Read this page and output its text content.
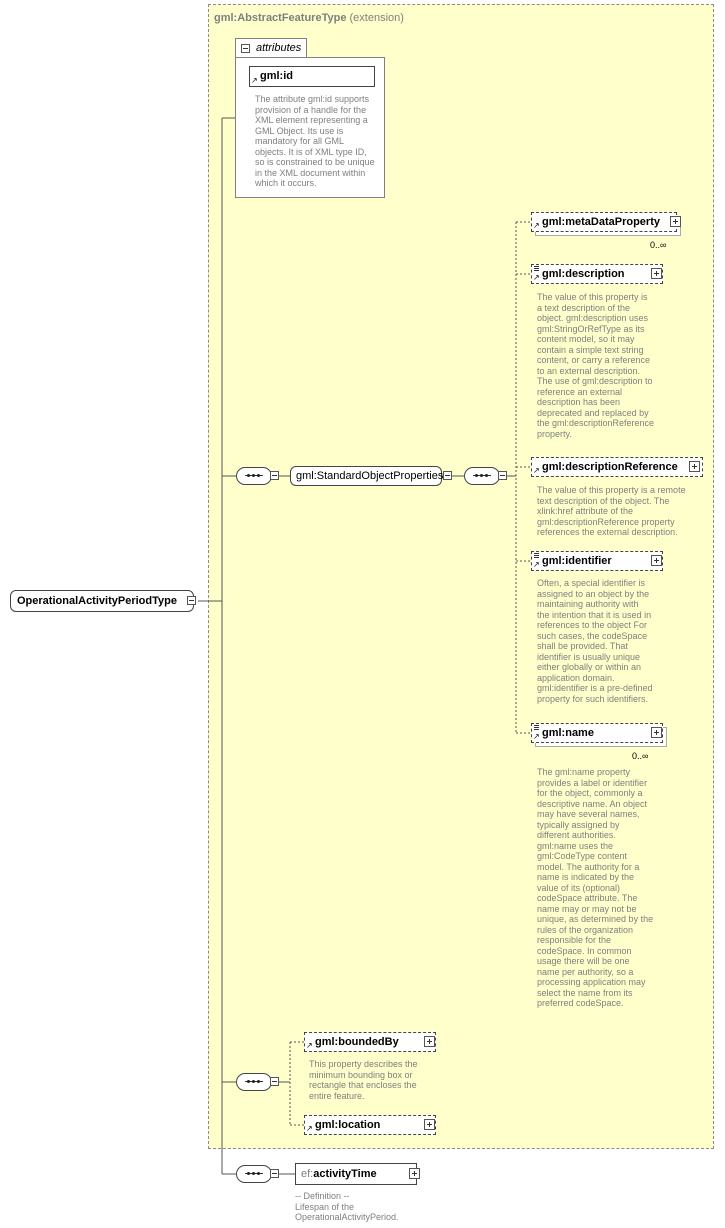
gml:AbstractFeatureType (extension)
OperationalActivityPeriodType
attributes
↗ gml:id
The attribute gml:id supports
provision of a handle for the
XML element representing a
GML Object. Its use is
mandatory for all GML
objects. It is of XML type ID,
so is constrained to be unique
in the XML document within
which it occurs.
gml:StandardObjectProperties
↗ gml:metaDataProperty
0..∞
↗ gml:description
The value of this property is
a text description of the
object. gml:description uses
gml:StringOrRefType as its
content model, so it may
contain a simple text string
content, or carry a reference
to an external description.
The use of gml:description to
reference an external
description has been
deprecated and replaced by
the gml:descriptionReference
property.
↗ gml:descriptionReference
The value of this property is a remote
text description of the object. The
xlink:href attribute of the
gml:descriptionReference property
references the external description.
↗ gml:identifier
Often, a special identifier is
assigned to an object by the
maintaining authority with
the intention that it is used in
references to the object For
such cases, the codeSpace
shall be provided. That
identifier is usually unique
either globally or within an
application domain.
gml:identifier is a pre-defined
property for such identifiers.
↗ gml:name
0..∞
The gml:name property
provides a label or identifier
for the object, commonly a
descriptive name. An object
may have several names,
typically assigned by
different authorities.
gml:name uses the
gml:CodeType content
model. The authority for a
name is indicated by the
value of its (optional)
codeSpace attribute. The
name may or may not be
unique, as determined by the
rules of the organization
responsible for the
codeSpace. In common
usage there will be one
name per authority, so a
processing application may
select the name from its
preferred codeSpace.
↗ gml:boundedBy
This property describes the
minimum bounding box or
rectangle that encloses the
entire feature.
↗ gml:location
ef:activityTime
-- Definition --
Lifespan of the
OperationalActivityPeriod.
